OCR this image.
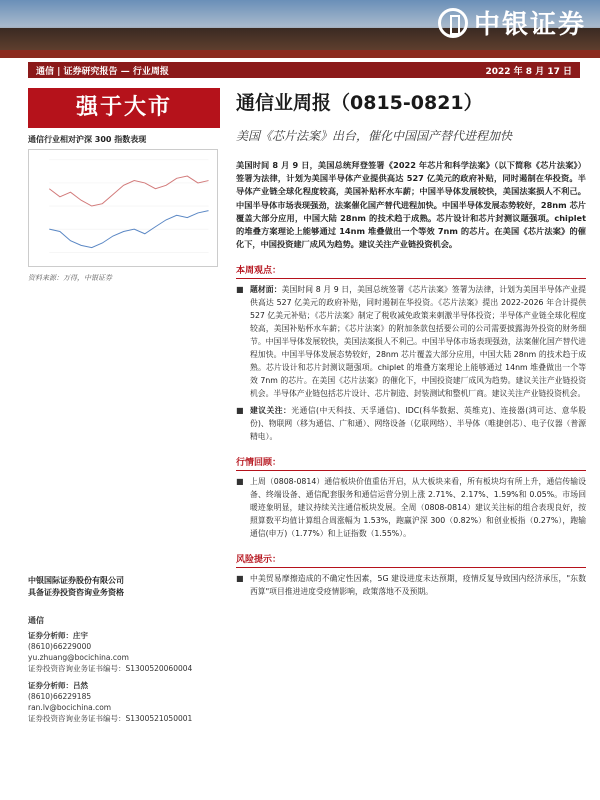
中银证券
通信 | 证券研究报告 — 行业周报	2022 年 8 月 17 日
强于大市
通信行业相对沪深 300 指数表现
资料来源：万得，中银证券
中银国际证券股份有限公司
具备证券投资咨询业务资格
通信
证券分析师：庄宇
(8610)66229000
yu.zhuang@bocichina.com
证券投资咨询业务证书编号：S1300520060004
证券分析师：吕然
(8610)66229185
ran.lv@bocichina.com
证券投资咨询业务证书编号：S1300521050001
通信业周报（0815-0821）
美国《芯片法案》出台，催化中国国产替代进程加快
美国时间 8 月 9 日，美国总统拜登签署《2022 年芯片和科学法案》（以下简称《芯片法案》）签署为法律，计划为美国半导体产业提供高达 527 亿美元的政府补贴，同时遏制在华投资。半导体产业链全球化程度较高，美国补贴杯水车薪；中国半导体发展较快，美国法案损人不利己。中国半导体市场表现强劲，法案催化国产替代进程加快。中国半导体发展态势较好，28nm 芯片覆盖大部分应用，中国大陆 28nm 的技术趋于成熟。芯片设计和芯片封测议题强项。chiplet 的堆叠方案理论上能够通过 14nm 堆叠做出一个等效 7nm 的芯片。在美国《芯片法案》的催化下，中国投资建厂成风为趋势。建议关注产业链投资机会。
本周观点：
■ 题材面：美国时间 8 月 9 日，美国总统签署《芯片法案》签署为法律，计划为美国半导体产业提供高达 527 亿美元的政府补贴，同时遏制在华投资。《芯片法案》提出 2022-2026 年合计提供 527 亿美元补贴；《芯片法案》制定了税收减免政策来刺激半导体投资；半导体产业链全球化程度较高，美国补贴杯水车薪；《芯片法案》的附加条款包括要公司的公司需要披露海外投资的财务细节。中国半导体发展较快，美国法案损人不利己。中国半导体市场表现强劲，法案催化国产替代进程加快。中国半导体发展态势较好，28nm 芯片覆盖大部分应用，中国大陆 28nm 的技术趋于成熟。芯片设计和芯片封测议题强项。chiplet 的堆叠方案理论上能够通过 14nm 堆叠做出一个等效 7nm 的芯片。在美国《芯片法案》的催化下，中国投资建厂成风为趋势。建议关注产业链投资机会。半导体产业链包括芯片设计、芯片制造、封装测试和整机厂商。建议关注产业链投资机会。
■ 建议关注：光通信(中天科技、天孚通信)、IDC(科华数据、英维克)、连接器(鸿可达、意华股份)、物联网（移为通信、广和通）、网络设备（亿联网络）、半导体（唯捷创芯）、电子仪器（普源精电）。
行情回顾：
■ 上周（0808-0814）通信板块价值重估开启，从大板块来看，所有板块均有所上升，通信传输设备、终端设备、通信配套服务和通信运营分别上涨 2.71%、2.17%、1.59%和 0.05%。市场回暖迹象明显，建议持续关注通信板块发展。全周（0808-0814）建议关注标的组合表现良好，按照算数平均值计算组合周涨幅为 1.53%，跑赢沪深 300（0.82%）和创业板指（0.27%），跑输通信(申万)（1.77%）和上证指数（1.55%）。
风险提示：
■ 中美贸易摩擦造成的不确定性因素，5G 建设进度未达预期，疫情反复导致国内经济承压，"东数西算"项目推进进度受疫情影响，政策落地不及预期。
